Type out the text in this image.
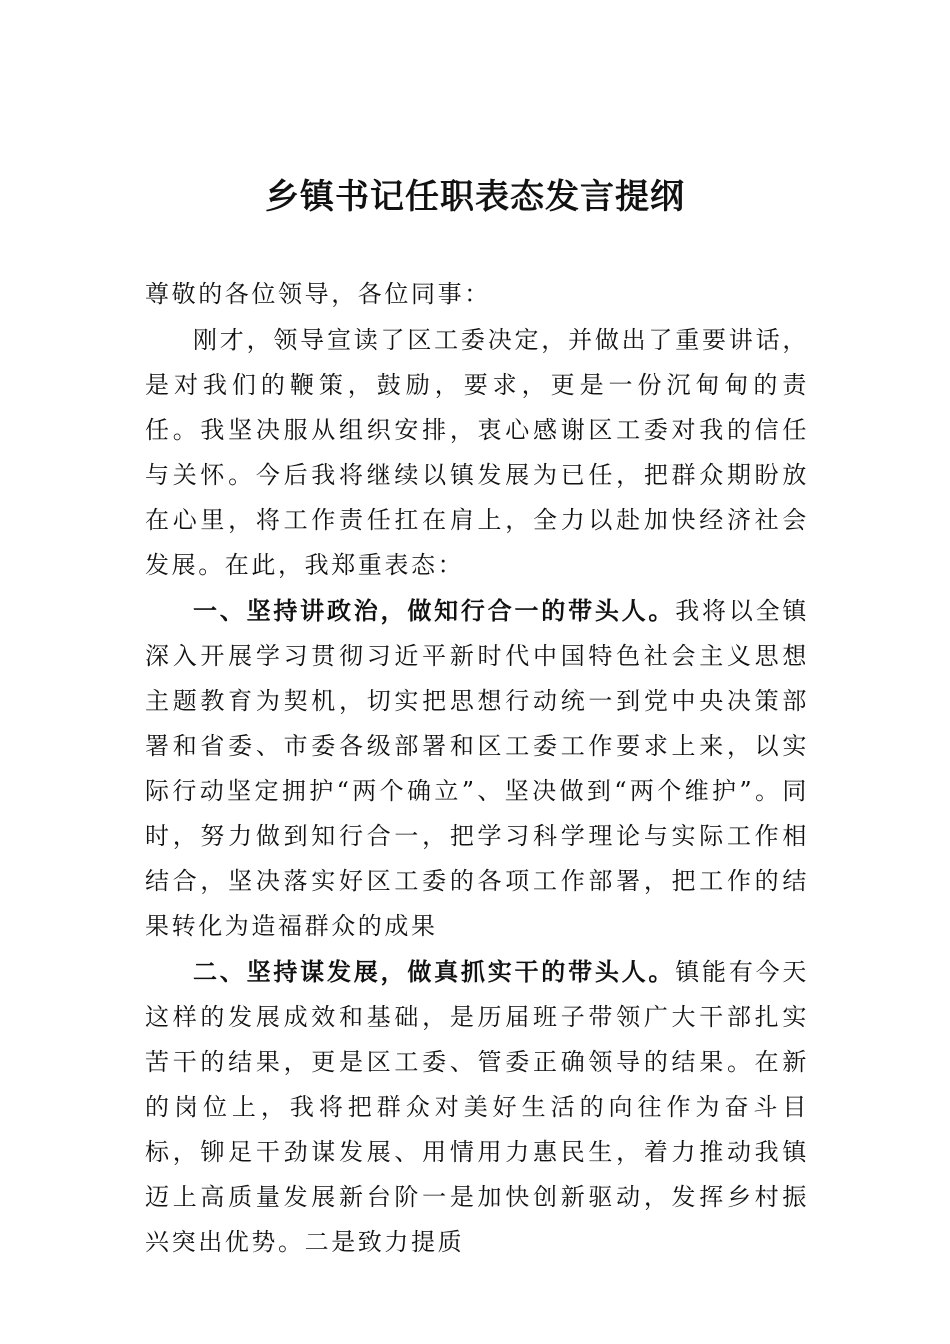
乡镇书记任职表态发言提纲

尊敬的各位领导，各位同事：

刚才，领导宣读了区工委决定，并做出了重要讲话，是对我们的鞭策，鼓励，要求，更是一份沉甸甸的责任。我坚决服从组织安排，衷心感谢区工委对我的信任与关怀。今后我将继续以镇发展为已任，把群众期盼放在心里，将工作责任扛在肩上，全力以赴加快经济社会发展。在此，我郑重表态：

一、坚持讲政治，做知行合一的带头人。我将以全镇深入开展学习贯彻习近平新时代中国特色社会主义思想主题教育为契机，切实把思想行动统一到党中央决策部署和省委、市委各级部署和区工委工作要求上来，以实际行动坚定拥护“两个确立”、坚决做到“两个维护”。同时，努力做到知行合一，把学习科学理论与实际工作相结合，坚决落实好区工委的各项工作部署，把工作的结果转化为造福群众的成果

二、坚持谋发展，做真抓实干的带头人。镇能有今天这样的发展成效和基础，是历届班子带领广大干部扎实苦干的结果，更是区工委、管委正确领导的结果。在新的岗位上，我将把群众对美好生活的向往作为奋斗目标，铆足干劲谋发展、用情用力惠民生，着力推动我镇迈上高质量发展新台阶一是加快创新驱动，发挥乡村振兴突出优势。二是致力提质
